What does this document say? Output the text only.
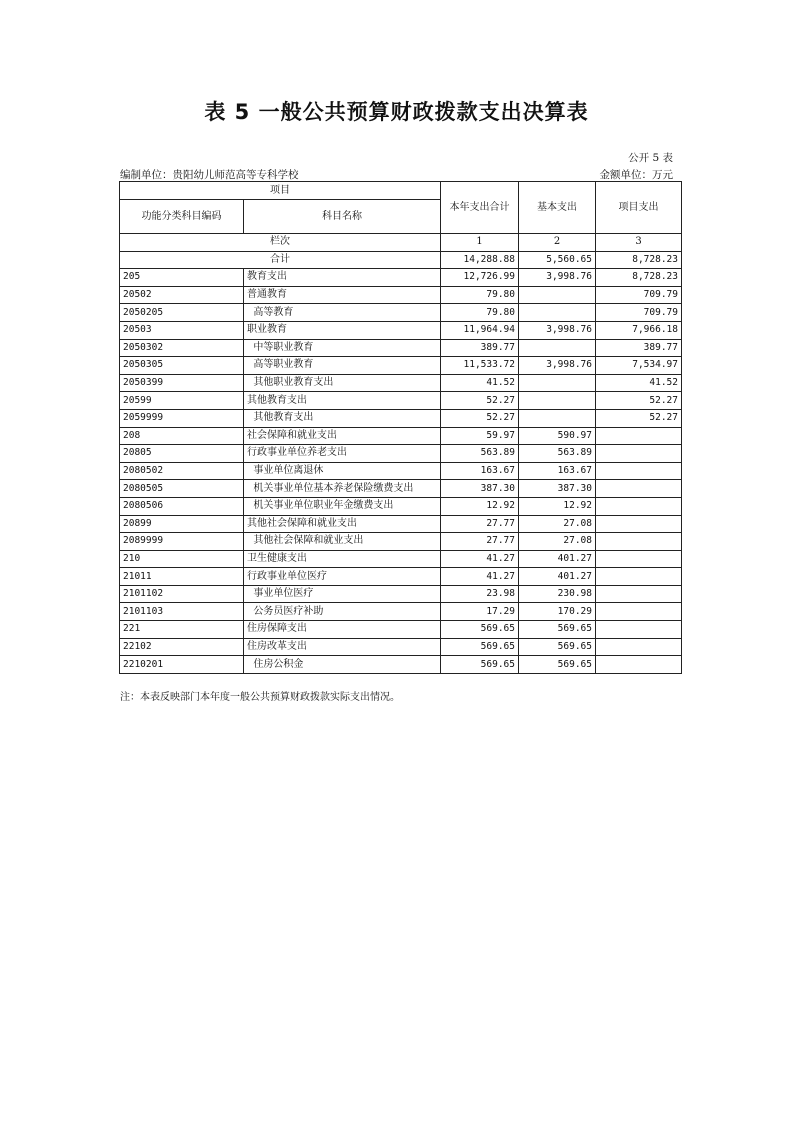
表 5 一般公共预算财政拨款支出决算表
公开 5 表
编制单位：贵阳幼儿师范高等专科学校	金额单位：万元
项目		本年支出合计	基本支出	项目支出
功能分类科目编码	科目名称			
栏次		1	2	3
合计		14,288.88	5,560.65	8,728.23
205	教育支出	12,726.99	3,998.76	8,728.23
20502	普通教育	79.80		709.79
2050205	高等教育	79.80		709.79
20503	职业教育	11,964.94	3,998.76	7,966.18
2050302	中等职业教育	389.77		389.77
2050305	高等职业教育	11,533.72	3,998.76	7,534.97
2050399	其他职业教育支出	41.52		41.52
20599	其他教育支出	52.27		52.27
2059999	其他教育支出	52.27		52.27
208	社会保障和就业支出	59.97	590.97	
20805	行政事业单位养老支出	563.89	563.89	
2080502	事业单位离退休	163.67	163.67	
2080505	机关事业单位基本养老保险缴费支出	387.30	387.30	
2080506	机关事业单位职业年金缴费支出	12.92	12.92	
20899	其他社会保障和就业支出	27.77	27.08	
2089999	其他社会保障和就业支出	27.77	27.08	
210	卫生健康支出	41.27	401.27	
21011	行政事业单位医疗	41.27	401.27	
2101102	事业单位医疗	23.98	230.98	
2101103	公务员医疗补助	17.29	170.29	
221	住房保障支出	569.65	569.65	
22102	住房改革支出	569.65	569.65	
2210201	住房公积金	569.65	569.65	
注：本表反映部门本年度一般公共预算财政拨款实际支出情况。
